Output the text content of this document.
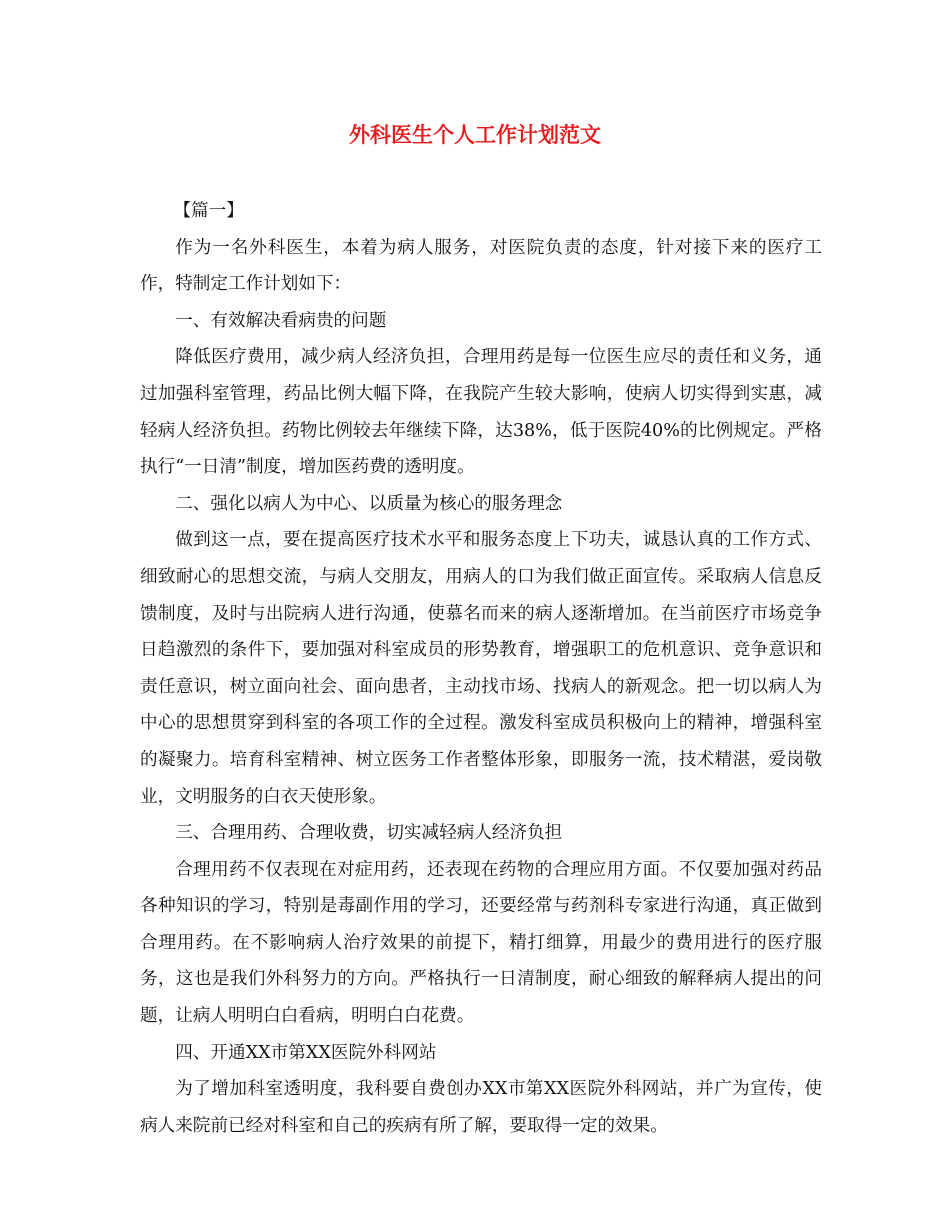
外科医生个人工作计划范文

【篇一】

作为一名外科医生，本着为病人服务，对医院负责的态度，针对接下来的医疗工作，特制定工作计划如下：

一、有效解决看病贵的问题

降低医疗费用，减少病人经济负担，合理用药是每一位医生应尽的责任和义务，通过加强科室管理，药品比例大幅下降，在我院产生较大影响，使病人切实得到实惠，减轻病人经济负担。药物比例较去年继续下降，达38%，低于医院40%的比例规定。严格执行“一日清”制度，增加医药费的透明度。

二、强化以病人为中心、以质量为核心的服务理念

做到这一点，要在提高医疗技术水平和服务态度上下功夫，诚恳认真的工作方式、细致耐心的思想交流，与病人交朋友，用病人的口为我们做正面宣传。采取病人信息反馈制度，及时与出院病人进行沟通，使慕名而来的病人逐渐增加。在当前医疗市场竞争日趋激烈的条件下，要加强对科室成员的形势教育，增强职工的危机意识、竞争意识和责任意识，树立面向社会、面向患者，主动找市场、找病人的新观念。把一切以病人为中心的思想贯穿到科室的各项工作的全过程。激发科室成员积极向上的精神，增强科室的凝聚力。培育科室精神、树立医务工作者整体形象，即服务一流，技术精湛，爱岗敬业，文明服务的白衣天使形象。

三、合理用药、合理收费，切实减轻病人经济负担

合理用药不仅表现在对症用药，还表现在药物的合理应用方面。不仅要加强对药品各种知识的学习，特别是毒副作用的学习，还要经常与药剂科专家进行沟通，真正做到合理用药。在不影响病人治疗效果的前提下，精打细算，用最少的费用进行的医疗服务，这也是我们外科努力的方向。严格执行一日清制度，耐心细致的解释病人提出的问题，让病人明明白白看病，明明白白花费。

四、开通XX市第XX医院外科网站

为了增加科室透明度，我科要自费创办XX市第XX医院外科网站，并广为宣传，使病人来院前已经对科室和自己的疾病有所了解，要取得一定的效果。
